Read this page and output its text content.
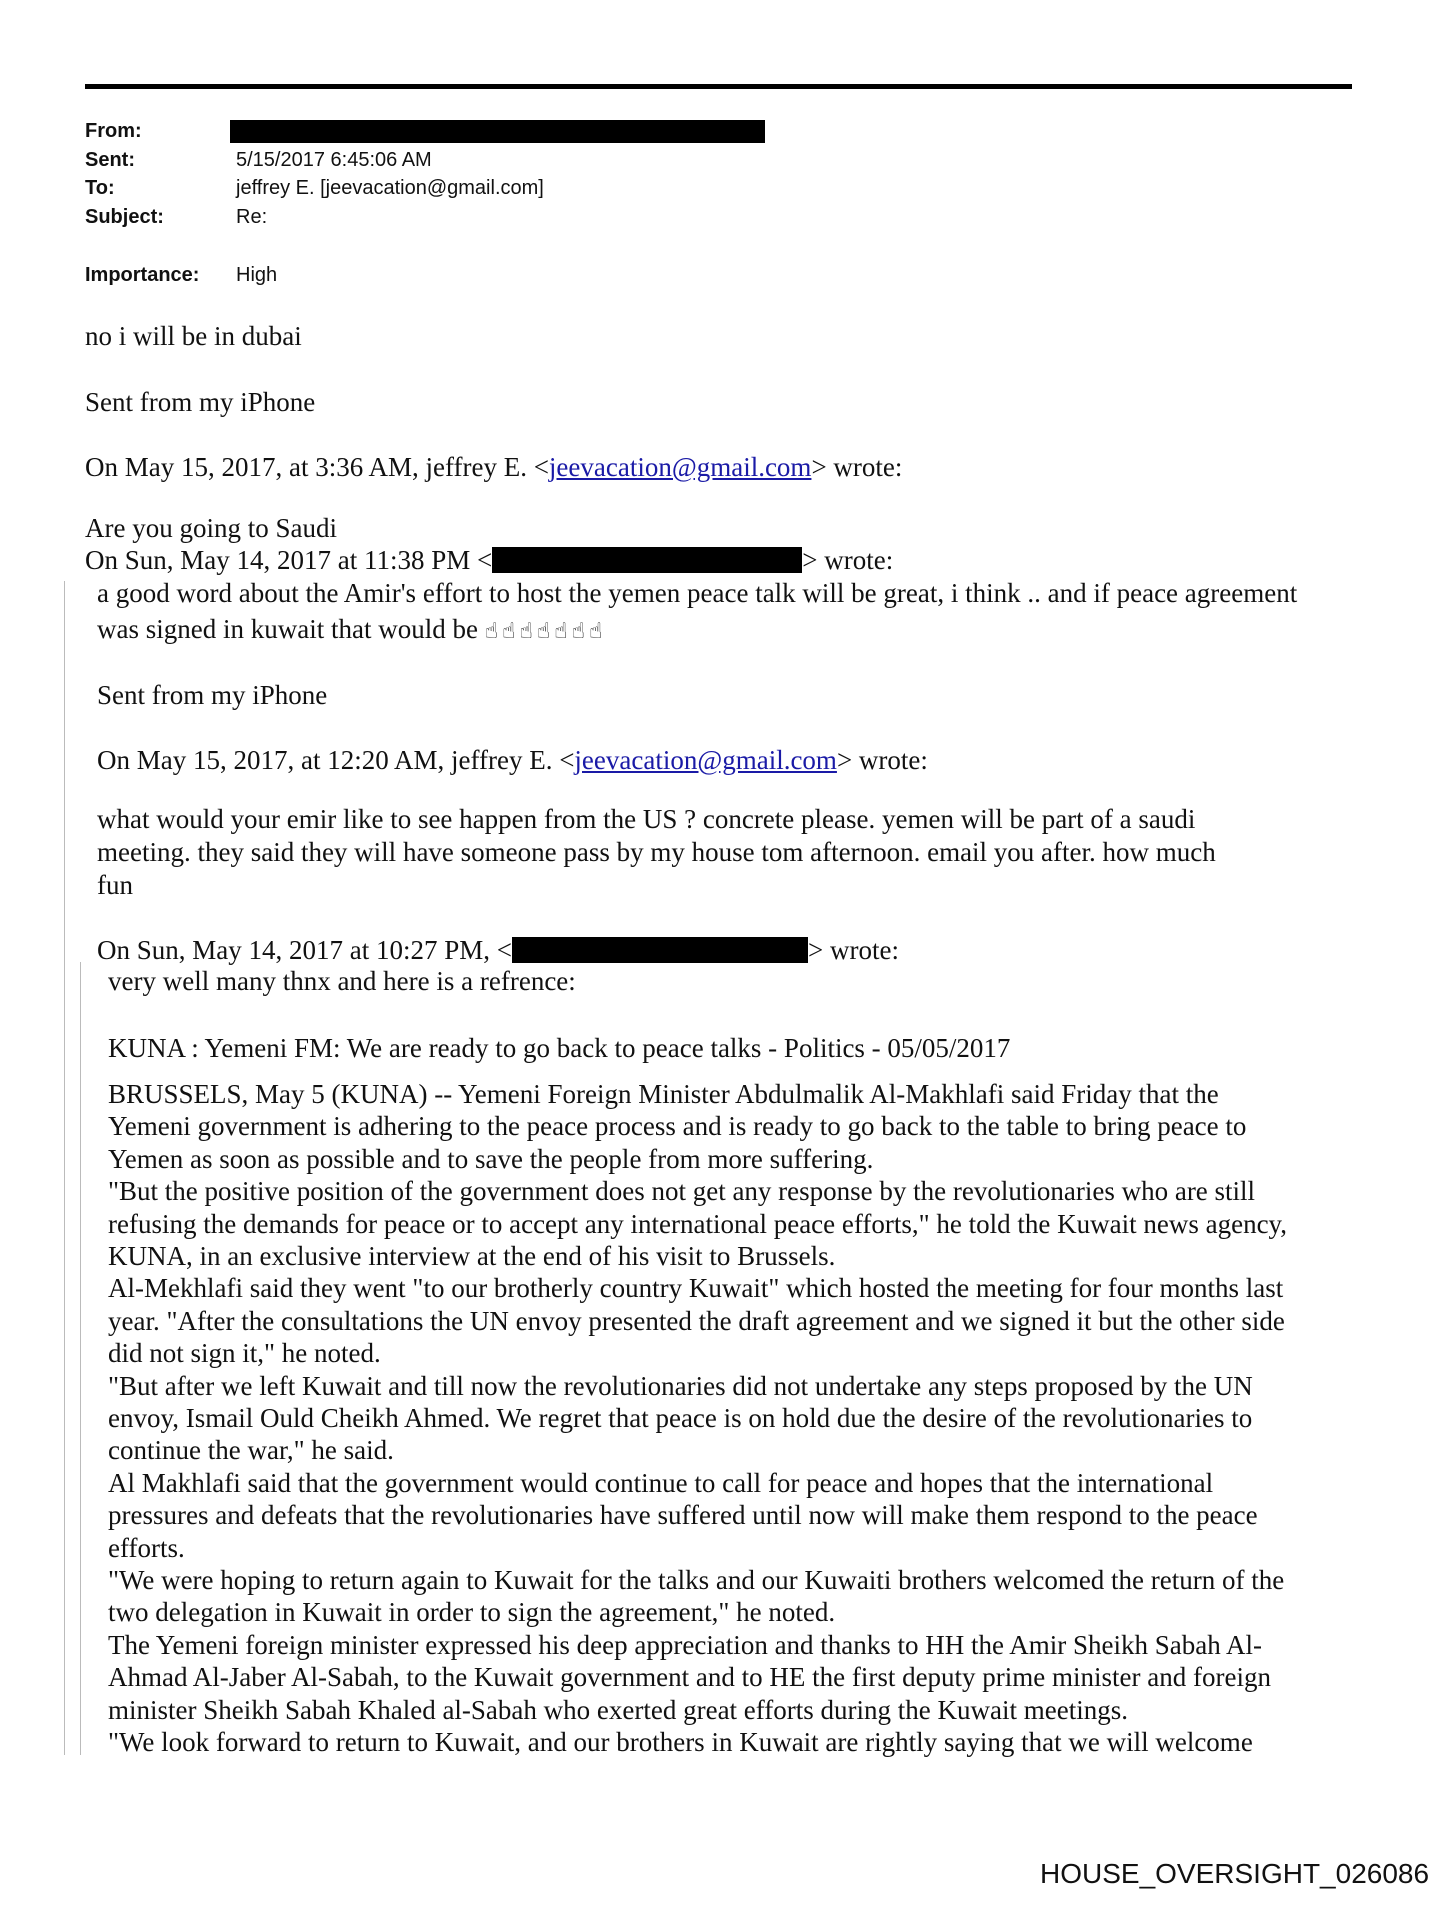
From:
Sent:	5/15/2017 6:45:06 AM
To:	jeffrey E. [jeevacation@gmail.com]
Subject:	Re:
Importance: High
no i will be in dubai
Sent from my iPhone
On May 15, 2017, at 3:36 AM, jeffrey E. <jeevacation@gmail.com> wrote:
Are you going to Saudi
On Sun, May 14, 2017 at 11:38 PM <	> wrote:
a good word about the Amir's effort to host the yemen peace talk will be great, i think .. and if peace agreement
was signed in kuwait that would be ☝☝☝☝☝☝☝
Sent from my iPhone
On May 15, 2017, at 12:20 AM, jeffrey E. <jeevacation@gmail.com> wrote:
what would your emir like to see happen from the US ? concrete please. yemen will be part of a saudi
meeting. they said they will have someone pass by my house tom afternoon. email you after. how much
fun
On Sun, May 14, 2017 at 10:27 PM, <	> wrote:
very well many thnx and here is a refrence:
KUNA : Yemeni FM: We are ready to go back to peace talks - Politics - 05/05/2017
BRUSSELS, May 5 (KUNA) -- Yemeni Foreign Minister Abdulmalik Al-Makhlafi said Friday that the
Yemeni government is adhering to the peace process and is ready to go back to the table to bring peace to
Yemen as soon as possible and to save the people from more suffering.
"But the positive position of the government does not get any response by the revolutionaries who are still
refusing the demands for peace or to accept any international peace efforts," he told the Kuwait news agency,
KUNA, in an exclusive interview at the end of his visit to Brussels.
Al-Mekhlafi said they went "to our brotherly country Kuwait" which hosted the meeting for four months last
year. "After the consultations the UN envoy presented the draft agreement and we signed it but the other side
did not sign it," he noted.
"But after we left Kuwait and till now the revolutionaries did not undertake any steps proposed by the UN
envoy, Ismail Ould Cheikh Ahmed. We regret that peace is on hold due the desire of the revolutionaries to
continue the war," he said.
Al Makhlafi said that the government would continue to call for peace and hopes that the international
pressures and defeats that the revolutionaries have suffered until now will make them respond to the peace
efforts.
"We were hoping to return again to Kuwait for the talks and our Kuwaiti brothers welcomed the return of the
two delegation in Kuwait in order to sign the agreement," he noted.
The Yemeni foreign minister expressed his deep appreciation and thanks to HH the Amir Sheikh Sabah Al-
Ahmad Al-Jaber Al-Sabah, to the Kuwait government and to HE the first deputy prime minister and foreign
minister Sheikh Sabah Khaled al-Sabah who exerted great efforts during the Kuwait meetings.
"We look forward to return to Kuwait, and our brothers in Kuwait are rightly saying that we will welcome
HOUSE_OVERSIGHT_026086
